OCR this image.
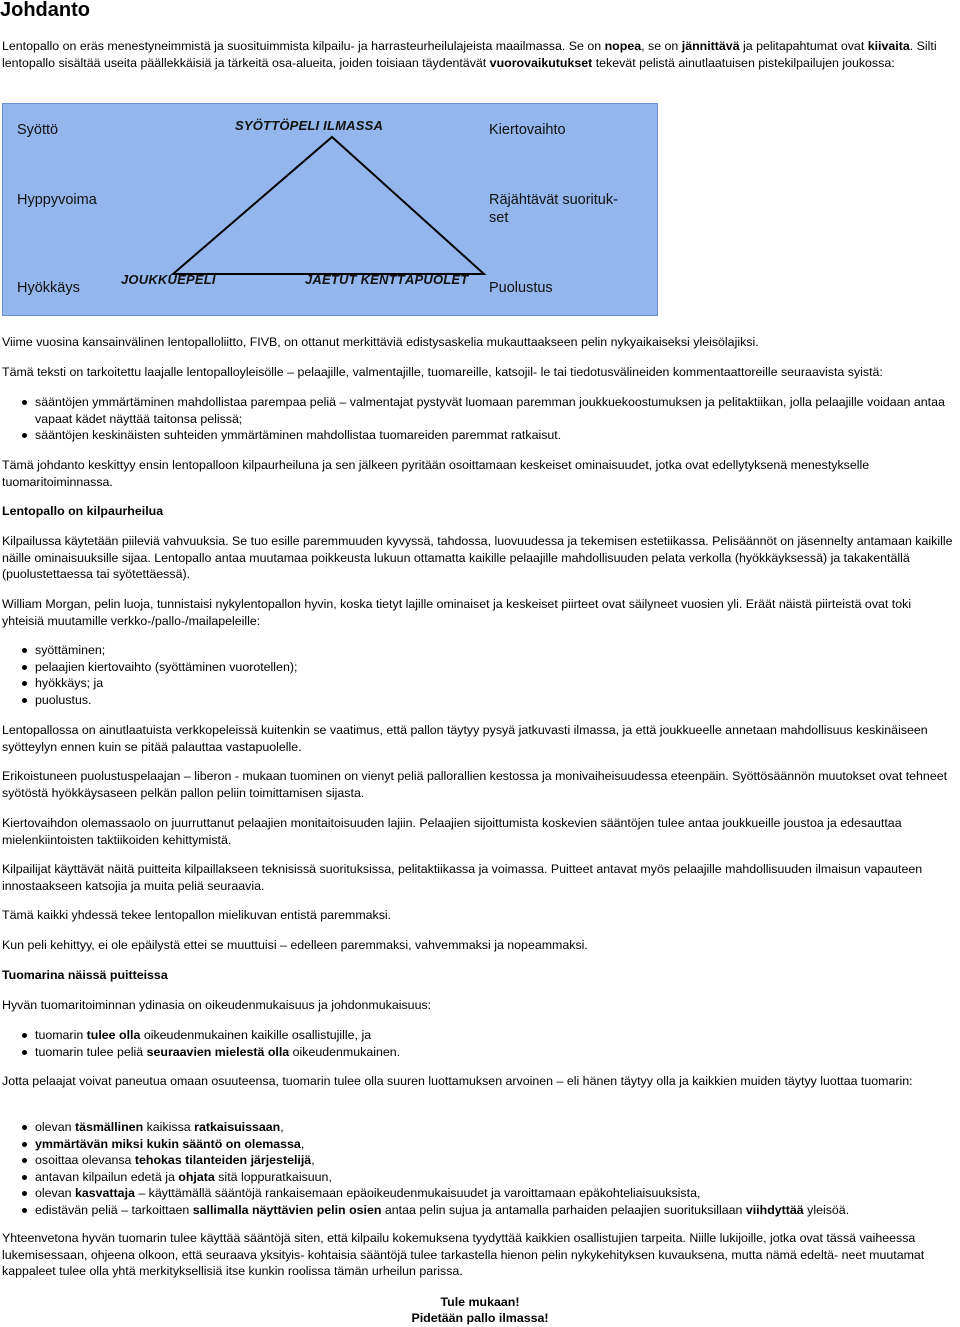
Johdanto

Lentopallo on eräs menestyneimmistä ja suosituimmista kilpailu- ja harrasteurheilulajeista maailmassa. Se on nopea, se on jännittävä ja pelitapahtumat ovat kiivaita. Silti lentopallo sisältää useita päällekkäisiä ja tärkeitä osa-alueita, joiden toisiaan täydentävät vuorovaikutukset tekevät pelistä ainutlaatuisen pistekilpailujen joukossa:

Syöttö	SYÖTTÖPELI ILMASSA	Kiertovaihto
Hyppyvoima	Räjähtävät suorituk-
set
Hyökkäys
JOUKKUEPELI	JAETUT KENTTÄPUOLET
Puolustus

Viime vuosina kansainvälinen lentopalloliitto, FIVB, on ottanut merkittäviä edistysaskelia mukauttaakseen pelin nykyaikaiseksi yleisölajiksi.

Tämä teksti on tarkoitettu laajalle lentopalloyleisölle – pelaajille, valmentajille, tuomareille, katsojil- le tai tiedotusvälineiden kommentaattoreille seuraavista syistä:

sääntöjen ymmärtäminen mahdollistaa parempaa peliä – valmentajat pystyvät luomaan paremman joukkuekoostumuksen ja pelitaktiikan, jolla pelaajille voidaan antaa vapaat kädet näyttää taitonsa pelissä;
sääntöjen keskinäisten suhteiden ymmärtäminen mahdollistaa tuomareiden paremmat ratkaisut.

Tämä johdanto keskittyy ensin lentopalloon kilpaurheiluna ja sen jälkeen pyritään osoittamaan keskeiset ominaisuudet, jotka ovat edellytyksenä menestykselle tuomaritoiminnassa.

Lentopallo on kilpaurheilua

Kilpailussa käytetään piileviä vahvuuksia. Se tuo esille paremmuuden kyvyssä, tahdossa, luovuudessa ja tekemisen estetiikassa. Pelisäännöt on jäsennelty antamaan kaikille näille ominaisuuksille sijaa. Lentopallo antaa muutamaa poikkeusta lukuun ottamatta kaikille pelaajille mahdollisuuden pelata verkolla (hyökkäyksessä) ja takakentällä (puolustettaessa tai syötettäessä).

William Morgan, pelin luoja, tunnistaisi nykylentopallon hyvin, koska tietyt lajille ominaiset ja keskeiset piirteet ovat säilyneet vuosien yli. Eräät näistä piirteistä ovat toki yhteisiä muutamille verkko-/pallo-/mailapeleille:

syöttäminen;
pelaajien kiertovaihto (syöttäminen vuorotellen);
hyökkäys; ja
puolustus.

Lentopallossa on ainutlaatuista verkkopeleissä kuitenkin se vaatimus, että pallon täytyy pysyä jatkuvasti ilmassa, ja että joukkueelle annetaan mahdollisuus keskinäiseen syötteylyn ennen kuin se pitää palauttaa vastapuolelle.

Erikoistuneen puolustuspelaajan – liberon - mukaan tuominen on vienyt peliä pallorallien kestossa ja monivaiheisuudessa eteenpäin. Syöttösäännön muutokset ovat tehneet syötöstä hyökkäysaseen pelkän pallon peliin toimittamisen sijasta.

Kiertovaihdon olemassaolo on juurruttanut pelaajien monitaitoisuuden lajiin. Pelaajien sijoittumista koskevien sääntöjen tulee antaa joukkueille joustoa ja edesauttaa mielenkiintoisten taktiikoiden kehittymistä.

Kilpailijat käyttävät näitä puitteita kilpaillakseen teknisissä suorituksissa, pelitaktiikassa ja voimassa. Puitteet antavat myös pelaajille mahdollisuuden ilmaisun vapauteen innostaakseen katsojia ja muita peliä seuraavia.

Tämä kaikki yhdessä tekee lentopallon mielikuvan entistä paremmaksi.

Kun peli kehittyy, ei ole epäilystä ettei se muuttuisi – edelleen paremmaksi, vahvemmaksi ja nopeammaksi.

Tuomarina näissä puitteissa

Hyvän tuomaritoiminnan ydinasia on oikeudenmukaisuus ja johdonmukaisuus:

tuomarin tulee olla oikeudenmukainen kaikille osallistujille, ja
tuomarin tulee peliä seuraavien mielestä olla oikeudenmukainen.

Jotta pelaajat voivat paneutua omaan osuuteensa, tuomarin tulee olla suuren luottamuksen arvoinen – eli hänen täytyy olla ja kaikkien muiden täytyy luottaa tuomarin:

olevan täsmällinen kaikissa ratkaisuissaan,
ymmärtävän miksi kukin sääntö on olemassa,
osoittaa olevansa tehokas tilanteiden järjestelijä,
antavan kilpailun edetä ja ohjata sitä loppuratkaisuun,
olevan kasvattaja – käyttämällä sääntöjä rankaisemaan epäoikeudenmukaisuudet ja varoittamaan epäkohteliaisuuksista,
edistävän peliä – tarkoittaen sallimalla näyttävien pelin osien antaa pelin sujua ja antamalla parhaiden pelaajien suorituksillaan viihdyttää yleisöä.

Yhteenvetona hyvän tuomarin tulee käyttää sääntöjä siten, että kilpailu kokemuksena tyydyttää kaikkien osallistujien tarpeita. Niille lukijoille, jotka ovat tässä vaiheessa lukemisessaan, ohjeena olkoon, että seuraava yksityis- kohtaisia sääntöjä tulee tarkastella hienon pelin nykykehityksen kuvauksena, mutta nämä edeltä- neet muutamat kappaleet tulee olla yhtä merkityksellisiä itse kunkin roolissa tämän urheilun parissa.

Tule mukaan!

Pidetään pallo ilmassa!
